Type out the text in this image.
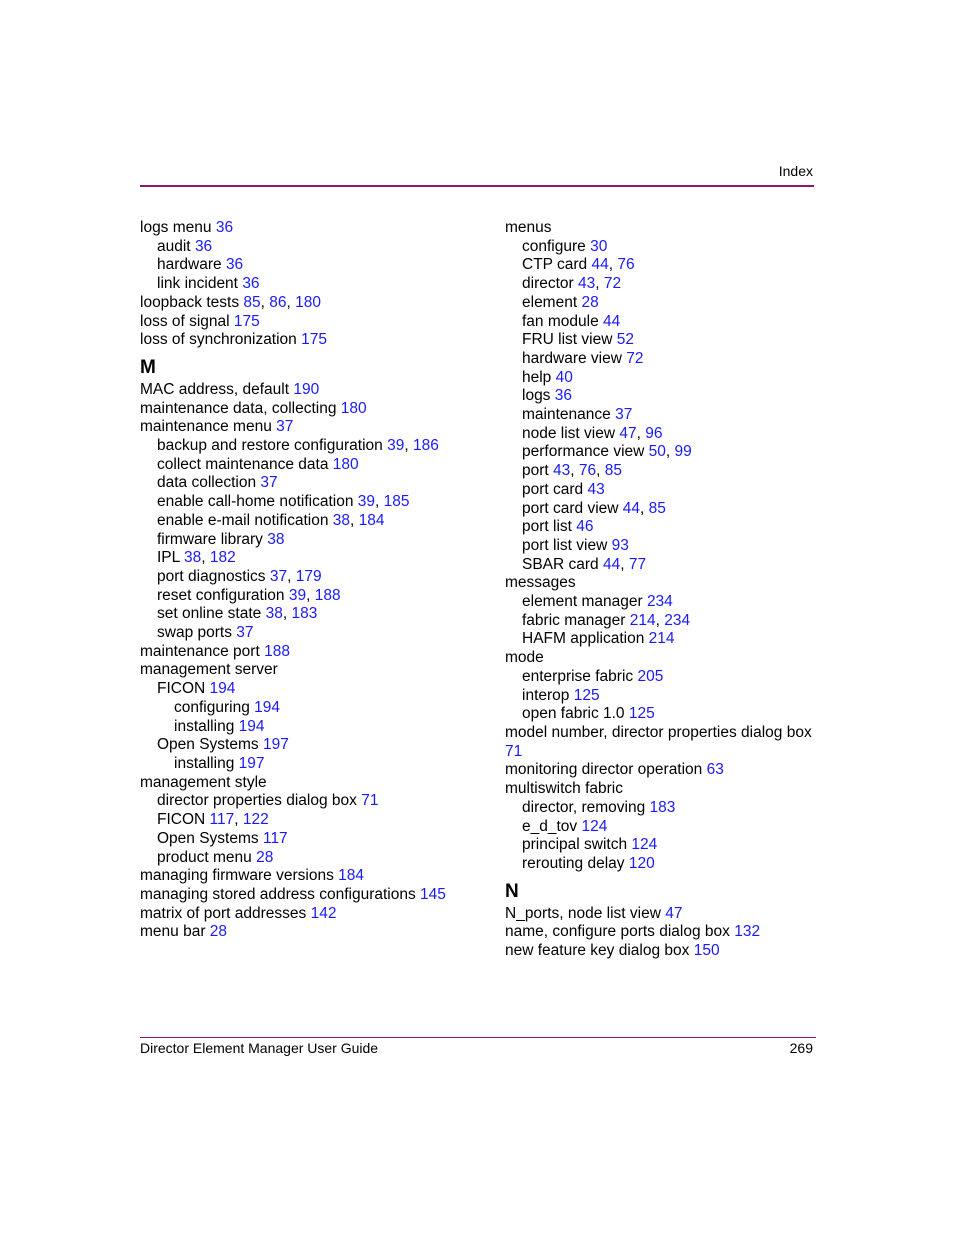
Index
logs menu 36
audit 36
hardware 36
link incident 36
loopback tests 85, 86, 180
loss of signal 175
loss of synchronization 175
M
MAC address, default 190
maintenance data, collecting 180
maintenance menu 37
backup and restore configuration 39, 186
collect maintenance data 180
data collection 37
enable call-home notification 39, 185
enable e-mail notification 38, 184
firmware library 38
IPL 38, 182
port diagnostics 37, 179
reset configuration 39, 188
set online state 38, 183
swap ports 37
maintenance port 188
management server
FICON 194
configuring 194
installing 194
Open Systems 197
installing 197
management style
director properties dialog box 71
FICON 117, 122
Open Systems 117
product menu 28
managing firmware versions 184
managing stored address configurations 145
matrix of port addresses 142
menu bar 28
menus
configure 30
CTP card 44, 76
director 43, 72
element 28
fan module 44
FRU list view 52
hardware view 72
help 40
logs 36
maintenance 37
node list view 47, 96
performance view 50, 99
port 43, 76, 85
port card 43
port card view 44, 85
port list 46
port list view 93
SBAR card 44, 77
messages
element manager 234
fabric manager 214, 234
HAFM application 214
mode
enterprise fabric 205
interop 125
open fabric 1.0 125
model number, director properties dialog box 71
monitoring director operation 63
multiswitch fabric
director, removing 183
e_d_tov 124
principal switch 124
rerouting delay 120
N
N_ports, node list view 47
name, configure ports dialog box 132
new feature key dialog box 150
Director Element Manager User Guide	269
